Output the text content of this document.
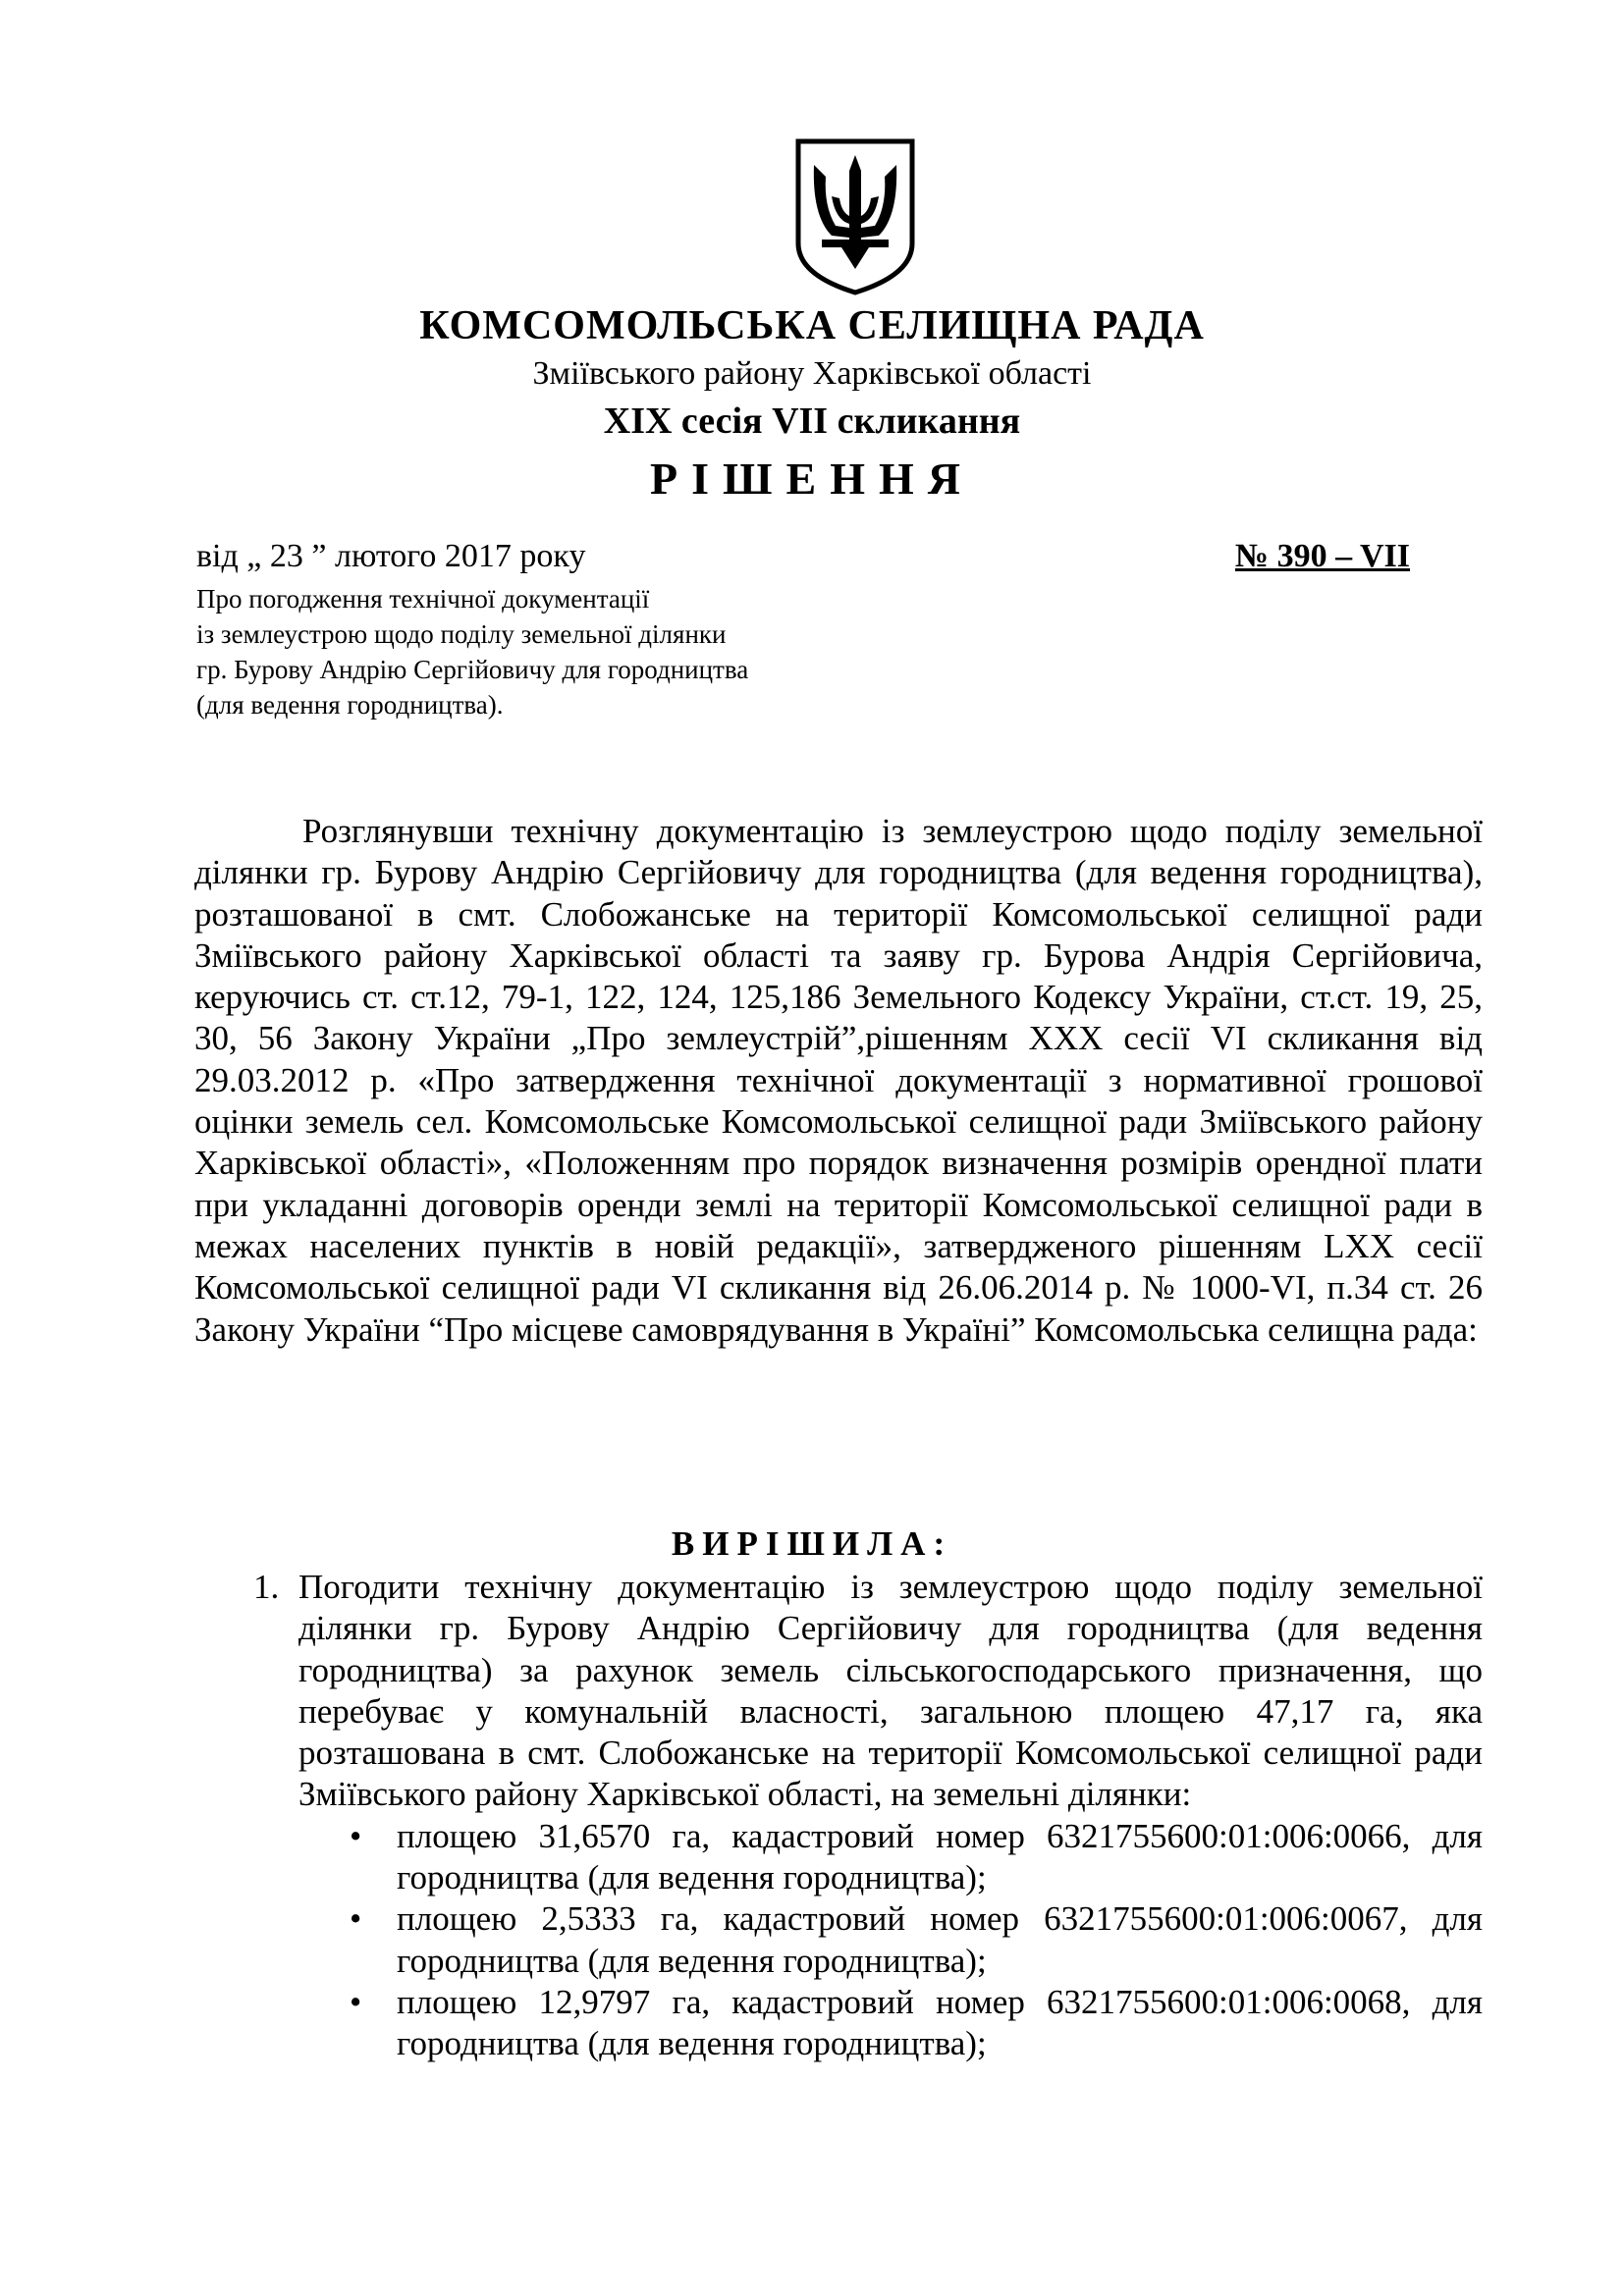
КОМСОМОЛЬСЬКА СЕЛИЩНА РАДА
Зміївського району Харківської області
XIX сесія VII скликання
РІШЕННЯ
від „ 23 ” лютого 2017 року	№ 390 – VII
Про погодження технічної документації
із землеустрою щодо поділу земельної ділянки
гр. Бурову Андрію Сергійовичу для городництва
(для ведення городництва).
Розглянувши технічну документацію із землеустрою щодо поділу земельної ділянки гр. Бурову Андрію Сергійовичу для городництва (для ведення городництва), розташованої в смт. Слобожанське на території Комсомольської селищної ради Зміївського району Харківської області та заяву гр. Бурова Андрія Сергійовича, керуючись ст. ст.12, 79-1, 122, 124, 125,186 Земельного Кодексу України, ст.ст. 19, 25, 30, 56 Закону України „Про землеустрій”,рішенням XXX сесії VI скликання від 29.03.2012 р. «Про затвердження технічної документації з нормативної грошової оцінки земель сел. Комсомольське Комсомольської селищної ради Зміївського району Харківської області», «Положенням про порядок визначення розмірів орендної плати при укладанні договорів оренди землі на території Комсомольської селищної ради в межах населених пунктів в новій редакції», затвердженого рішенням LXX сесії Комсомольської селищної ради VI скликання від 26.06.2014 р. № 1000-VI, п.34 ст. 26 Закону України “Про місцеве самоврядування в Україні” Комсомольська селищна рада:
ВИРІШИЛА:
1. Погодити технічну документацію із землеустрою щодо поділу земельної ділянки гр. Бурову Андрію Сергійовичу для городництва (для ведення городництва) за рахунок земель сільськогосподарського призначення, що перебуває у комунальній власності, загальною площею 47,17 га, яка розташована в смт. Слобожанське на території Комсомольської селищної ради Зміївського району Харківської області, на земельні ділянки:
• площею 31,6570 га, кадастровий номер 6321755600:01:006:0066, для городництва (для ведення городництва);
• площею 2,5333 га, кадастровий номер 6321755600:01:006:0067, для городництва (для ведення городництва);
• площею 12,9797 га, кадастровий номер 6321755600:01:006:0068, для городництва (для ведення городництва);
